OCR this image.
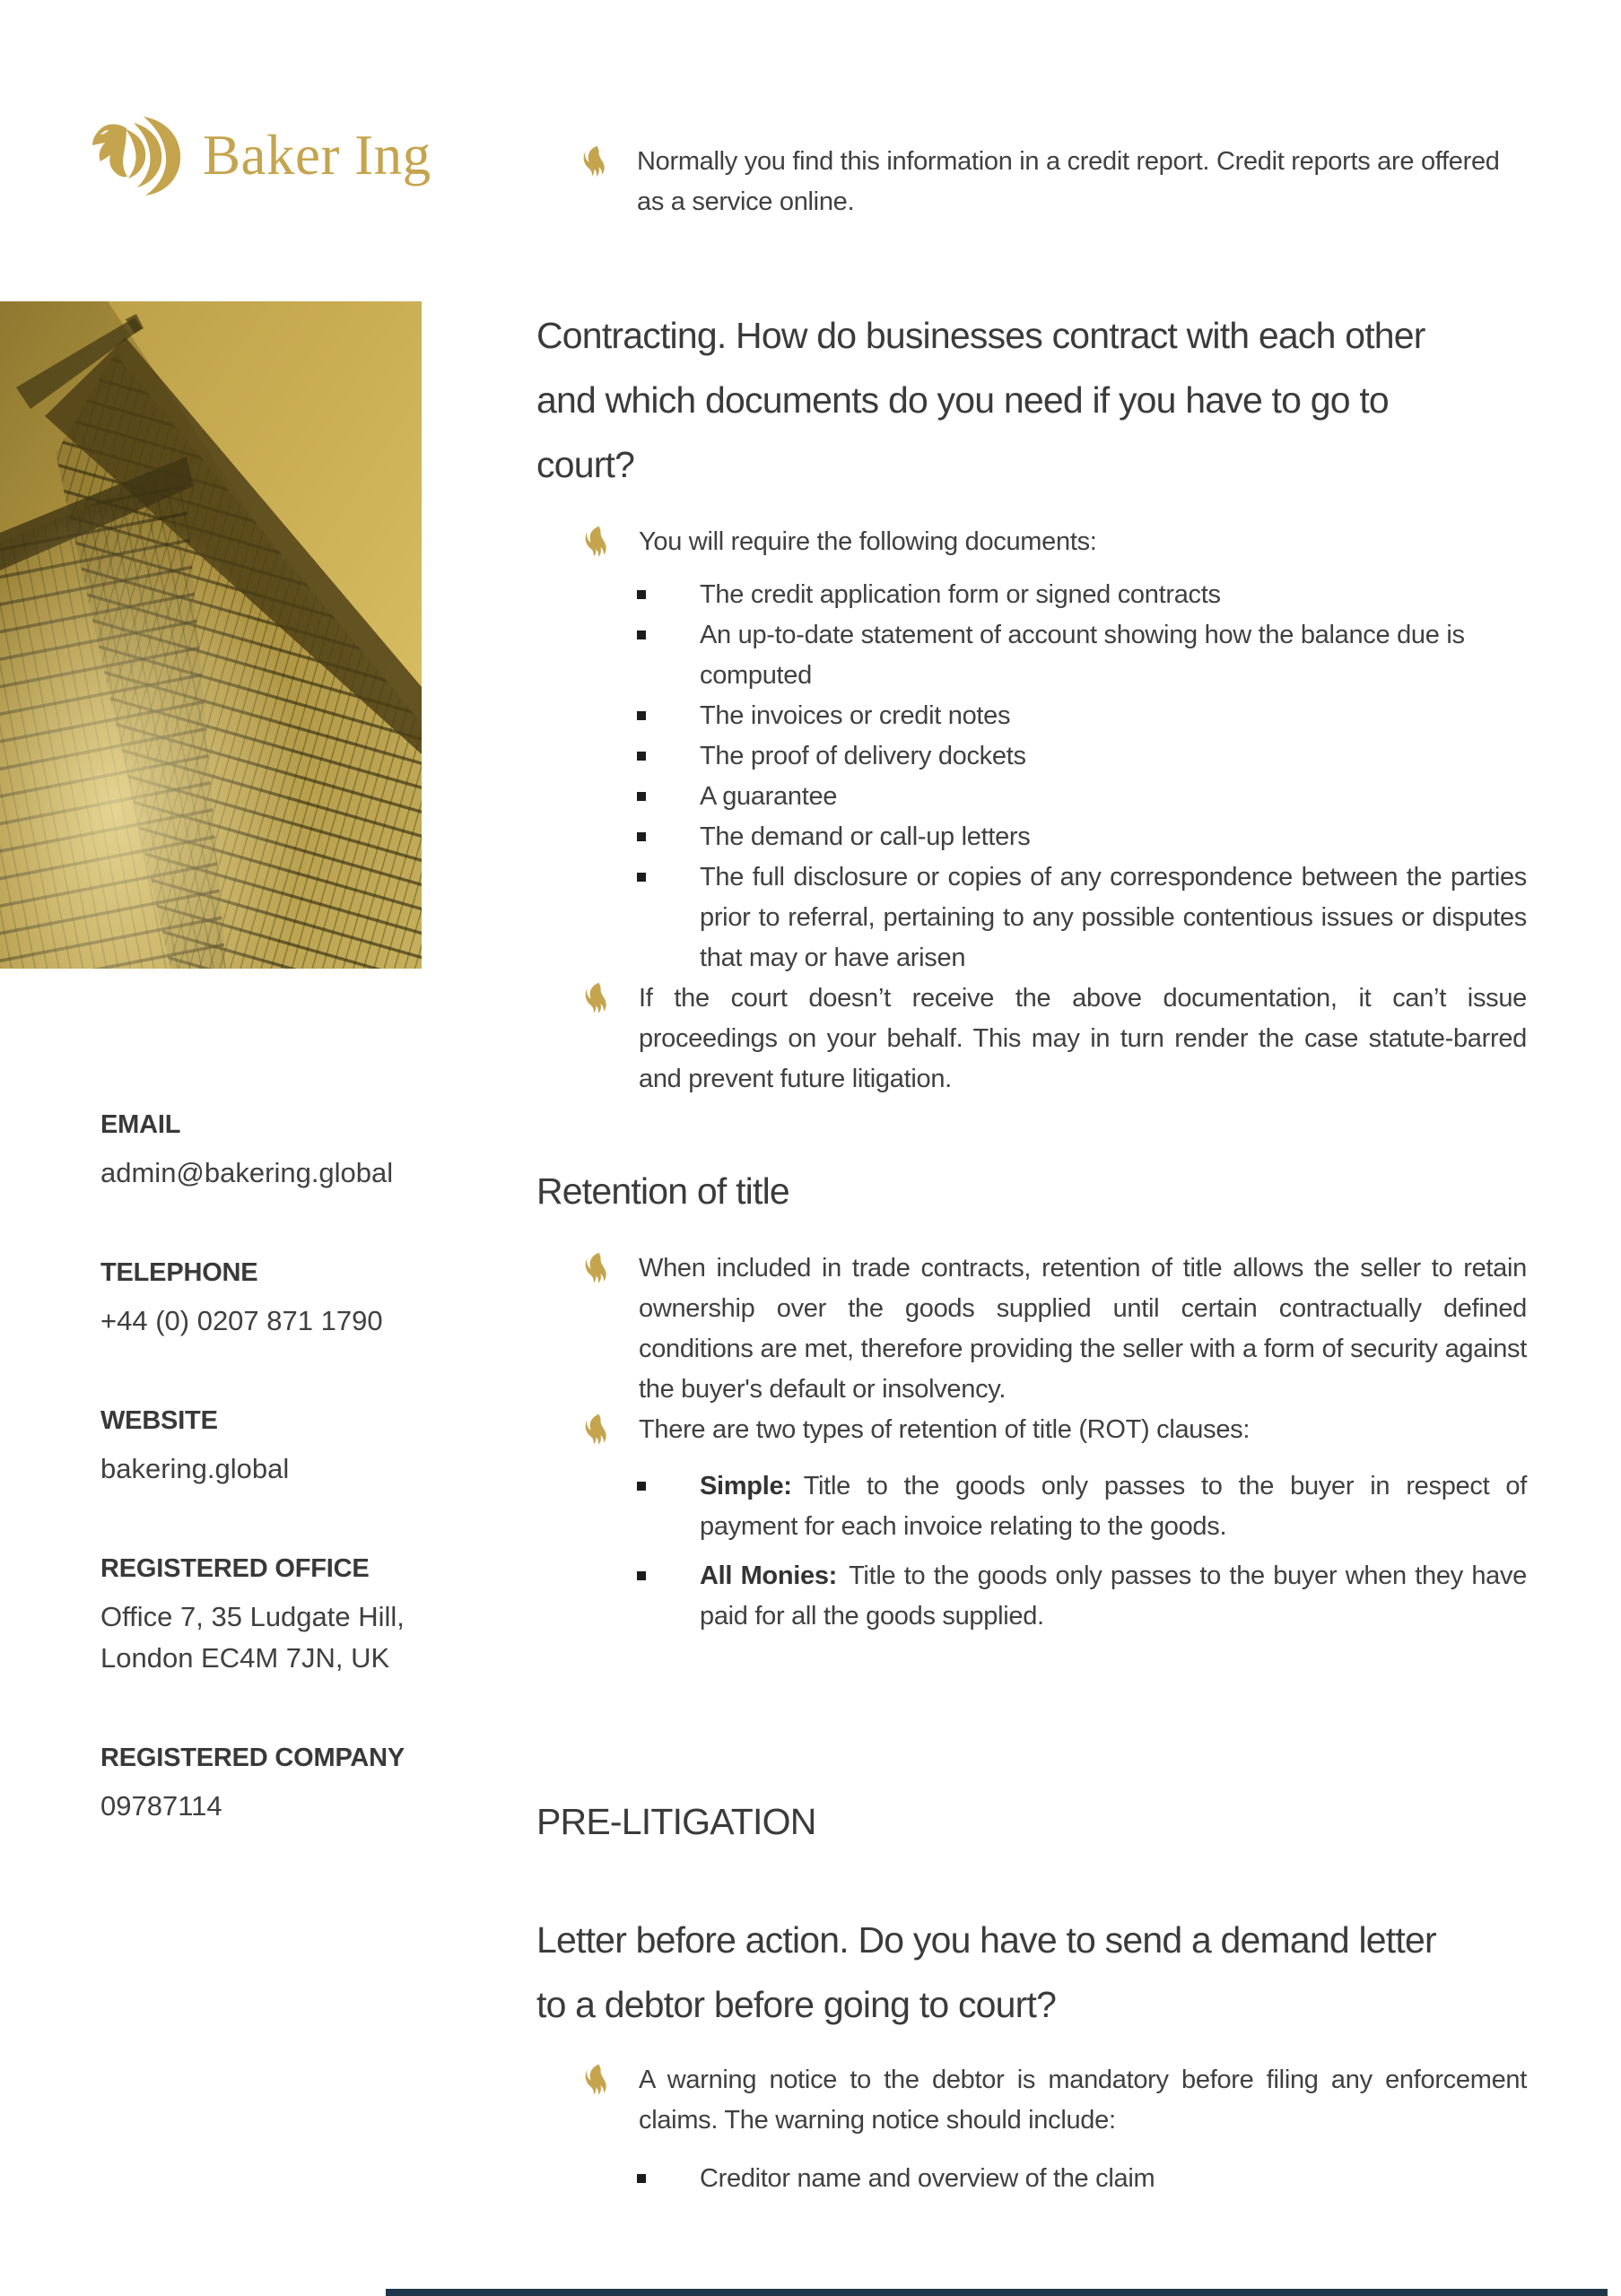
Baker Ing	Normally you find this information in a credit report. Credit reports are offered as a service online.

EMAIL
admin@bakering.global
TELEPHONE
+44 (0) 0207 871 1790
WEBSITE
bakering.global
REGISTERED OFFICE
Office 7, 35 Ludgate Hill,
London EC4M 7JN, UK
REGISTERED COMPANY
09787114
Contracting. How do businesses contract with each other and which documents do you need if you have to go to court?
You will require the following documents:
The credit application form or signed contracts
An up-to-date statement of account showing how the balance due is computed
The invoices or credit notes
The proof of delivery dockets
A guarantee
The demand or call-up letters
The full disclosure or copies of any correspondence between the parties prior to referral, pertaining to any possible contentious issues or disputes that may or have arisen
If the court doesn’t receive the above documentation, it can’t issue proceedings on your behalf. This may in turn render the case statute-barred and prevent future litigation.
Retention of title
When included in trade contracts, retention of title allows the seller to retain ownership over the goods supplied until certain contractually defined conditions are met, therefore providing the seller with a form of security against the buyer's default or insolvency.
There are two types of retention of title (ROT) clauses:
Simple: Title to the goods only passes to the buyer in respect of payment for each invoice relating to the goods.
All Monies: Title to the goods only passes to the buyer when they have paid for all the goods supplied.
PRE-LITIGATION
Letter before action. Do you have to send a demand letter to a debtor before going to court?
A warning notice to the debtor is mandatory before filing any enforcement claims. The warning notice should include:
Creditor name and overview of the claim
